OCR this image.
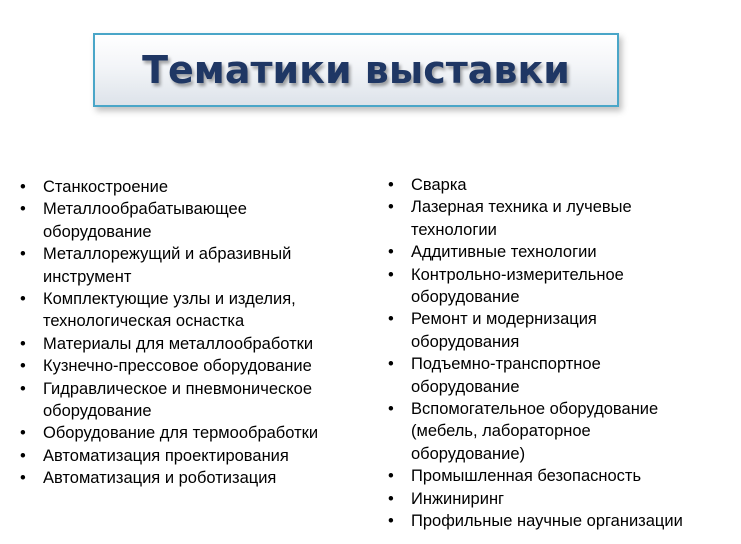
Тематики выставки
•	Станкостроение
•	Металлообрабатывающее
оборудование
•	Металлорежущий и абразивный
инструмент
•	Комплектующие узлы и изделия,
технологическая оснастка
•	Материалы для металлообработки
•	Кузнечно-прессовое оборудование
•	Гидравлическое и пневмоническое
оборудование
•	Оборудование для термообработки
•	Автоматизация проектирования
•	Автоматизация и роботизация
•	Сварка
•	Лазерная техника и лучевые
технологии
•	Аддитивные технологии
•	Контрольно-измерительное
оборудование
•	Ремонт и модернизация
оборудования
•	Подъемно-транспортное
оборудование
•	Вспомогательное оборудование
(мебель, лабораторное
оборудование)
•	Промышленная безопасность
•	Инжиниринг
•	Профильные научные организации
